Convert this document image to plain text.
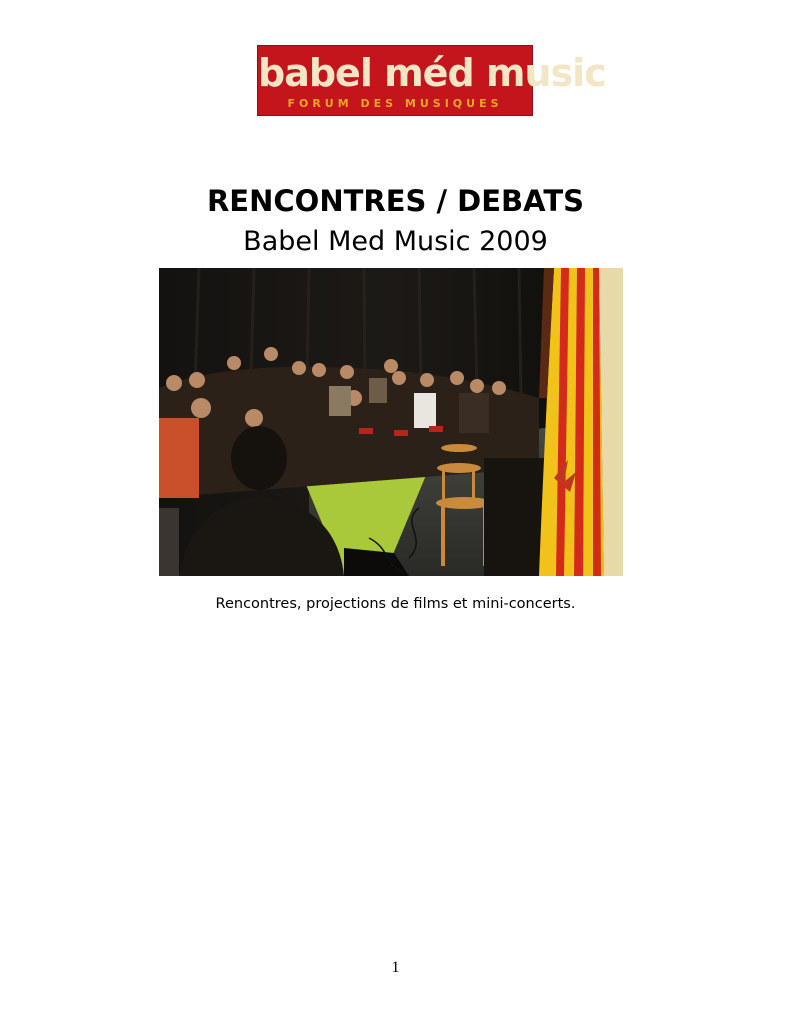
babel méd music
FORUM DES MUSIQUES
RENCONTRES / DEBATS
Babel Med Music 2009
Rencontres, projections de films et mini-concerts.
1
